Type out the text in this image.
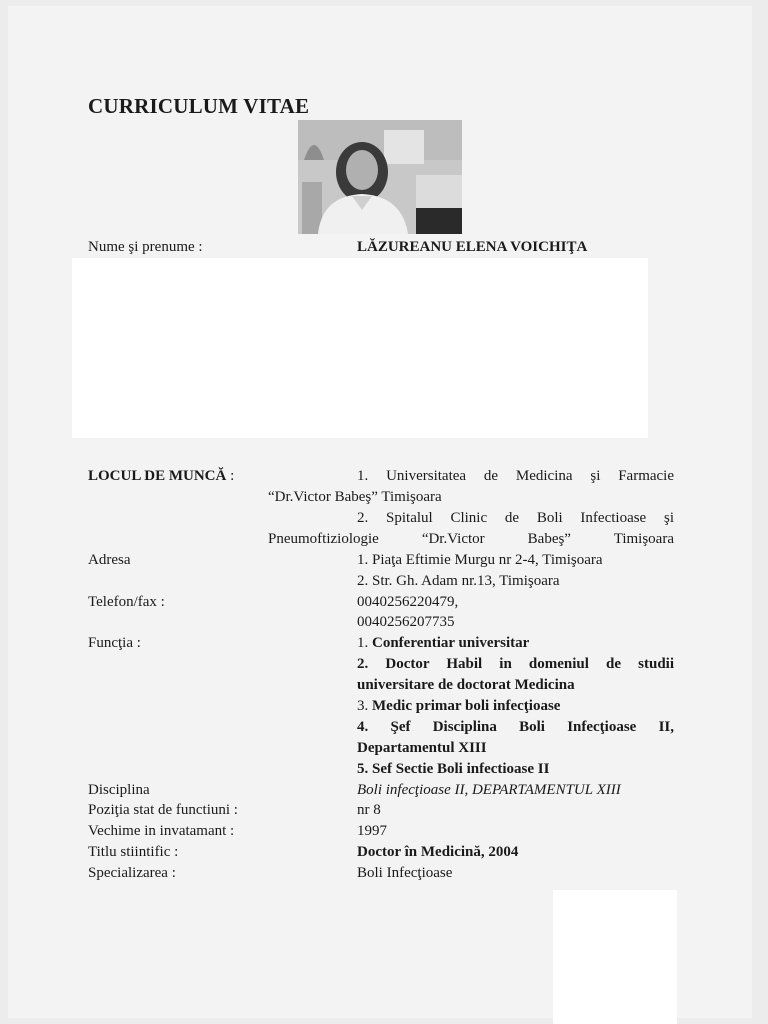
CURRICULUM VITAE
Nume şi prenume :	LĂZUREANU ELENA VOICHIŢA
LOCUL DE MUNCĂ :	1. Universitatea de Medicina şi Farmacie
“Dr.Victor Babeş” Timişoara
2. Spitalul Clinic de Boli Infectioase şi
Pneumoftiziologie “Dr.Victor Babeş” Timişoara
Adresa	1. Piaţa Eftimie Murgu nr 2-4, Timişoara
2. Str. Gh. Adam nr.13, Timişoara
Telefon/fax :	0040256220479,
0040256207735
Funcţia :	1. Conferentiar universitar
2. Doctor Habil in domeniul de studii
universitare de doctorat Medicina
3. Medic primar boli infecţioase
4. Şef Disciplina Boli Infecţioase II,
Departamentul XIII
5. Sef Sectie Boli infectioase II
Disciplina	Boli infecţioase II, DEPARTAMENTUL XIII
Poziţia stat de functiuni :	nr 8
Vechime in invatamant :	1997
Titlu stiintific :	Doctor în Medicină, 2004
Specializarea :	Boli Infecţioase
